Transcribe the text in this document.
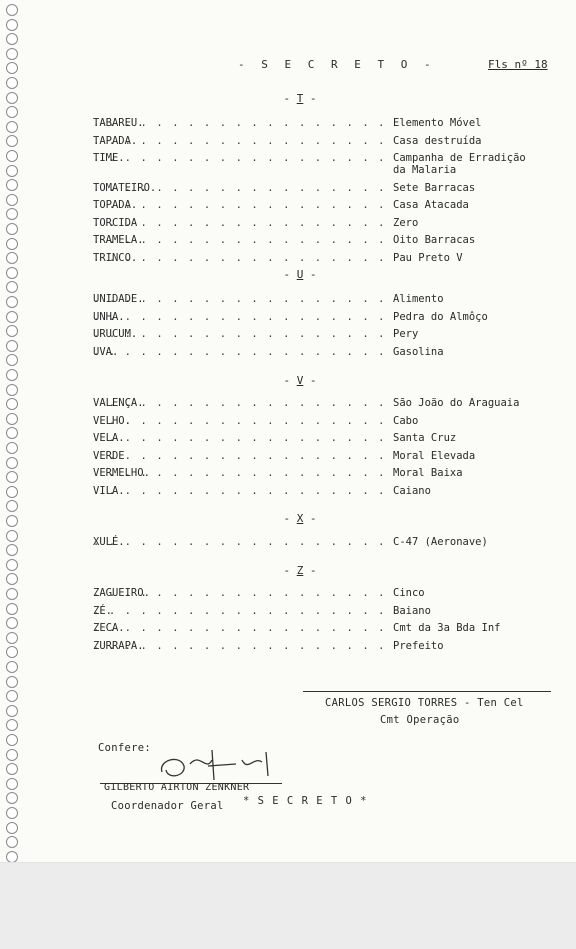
- S E C R E T O -	Fls nº 18
- T -
. . .
TABAREU.	Elemento Móvel
. . .
TAPADA.	Casa destruída
. . .
TIME.	Campanha de Erradição
da Malaria
. . .
TOMATEIRO.	Sete Barracas
. . .
TOPADA.	Casa Atacada
. . .
TORCIDA	Zero
. . .
TRAMELA.	Oito Barracas
. . .
TRINCO.	Pau Preto V
- U -
. . .
UNIDADE.	Alimento
. . .
UNHA.	Pedra do Almôço
. . .
URUCUM.	Pery
. . .
UVA.	Gasolina
- V -
. . .
VALENÇA.	São João do Araguaia
. . .
VELHO.	Cabo
. . .
VELA.	Santa Cruz
. . .
VERDE	Moral Elevada
. . .
VERMELHO.	Moral Baixa
. . .
VILA.	Caiano
- X -
. . .
XULÉ.	C-47 (Aeronave)
- Z -
. . .
ZAGUEIRO.	Cinco
. . .
ZÉ.	Baiano
. . .
ZECA.	Cmt da 3a Bda Inf
. . .
ZURRAPA.	Prefeito
CARLOS SERGIO TORRES - Ten Cel
Cmt Operação
Confere:
GILBERTO AIRTON ZENKNER
Coordenador Geral * S E C R E T O *
